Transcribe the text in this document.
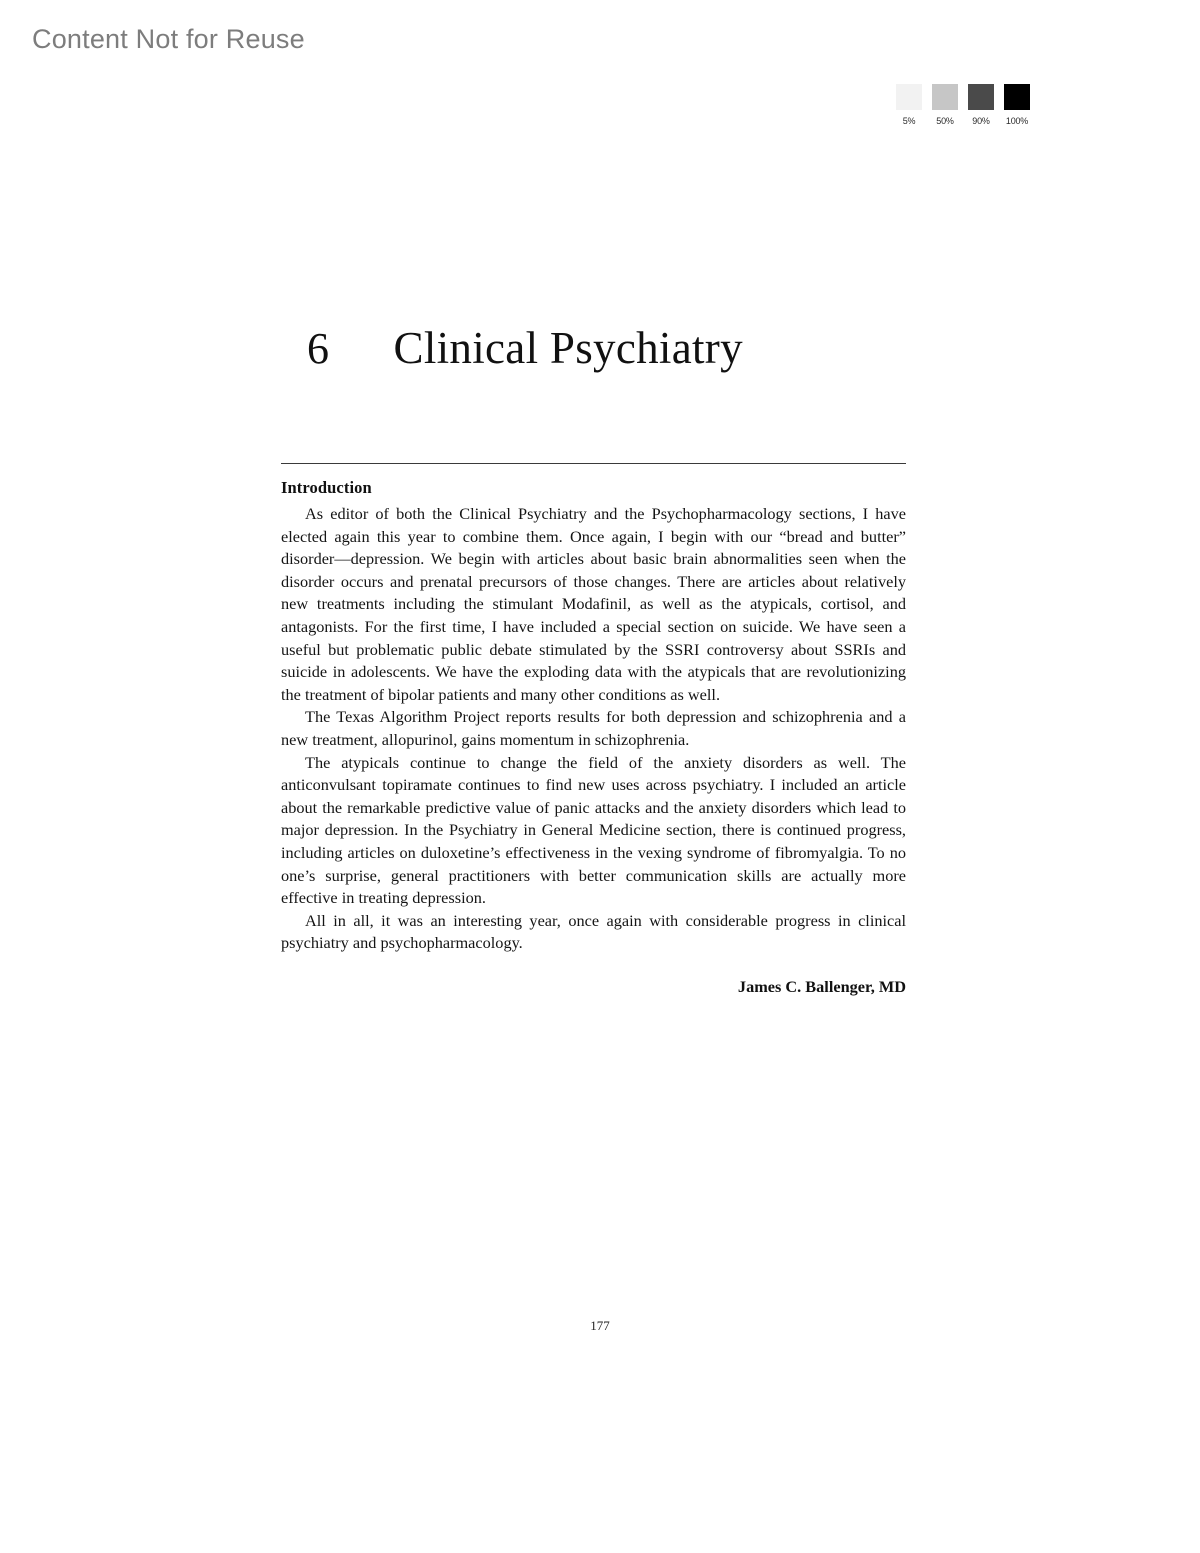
Content Not for Reuse
5% 50% 90% 100%
6 Clinical Psychiatry
Introduction

As editor of both the Clinical Psychiatry and the Psychopharmacology sections, I have elected again this year to combine them. Once again, I begin with our “bread and butter” disorder—depression. We begin with articles about basic brain abnormalities seen when the disorder occurs and prenatal precursors of those changes. There are articles about relatively new treatments including the stimulant Modafinil, as well as the atypicals, cortisol, and antagonists. For the first time, I have included a special section on suicide. We have seen a useful but problematic public debate stimulated by the SSRI controversy about SSRIs and suicide in adolescents. We have the exploding data with the atypicals that are revolutionizing the treatment of bipolar patients and many other conditions as well.

The Texas Algorithm Project reports results for both depression and schizophrenia and a new treatment, allopurinol, gains momentum in schizophrenia.

The atypicals continue to change the field of the anxiety disorders as well. The anticonvulsant topiramate continues to find new uses across psychiatry. I included an article about the remarkable predictive value of panic attacks and the anxiety disorders which lead to major depression. In the Psychiatry in General Medicine section, there is continued progress, including articles on duloxetine’s effectiveness in the vexing syndrome of fibromyalgia. To no one’s surprise, general practitioners with better communication skills are actually more effective in treating depression.

All in all, it was an interesting year, once again with considerable progress in clinical psychiatry and psychopharmacology.

James C. Ballenger, MD
177
